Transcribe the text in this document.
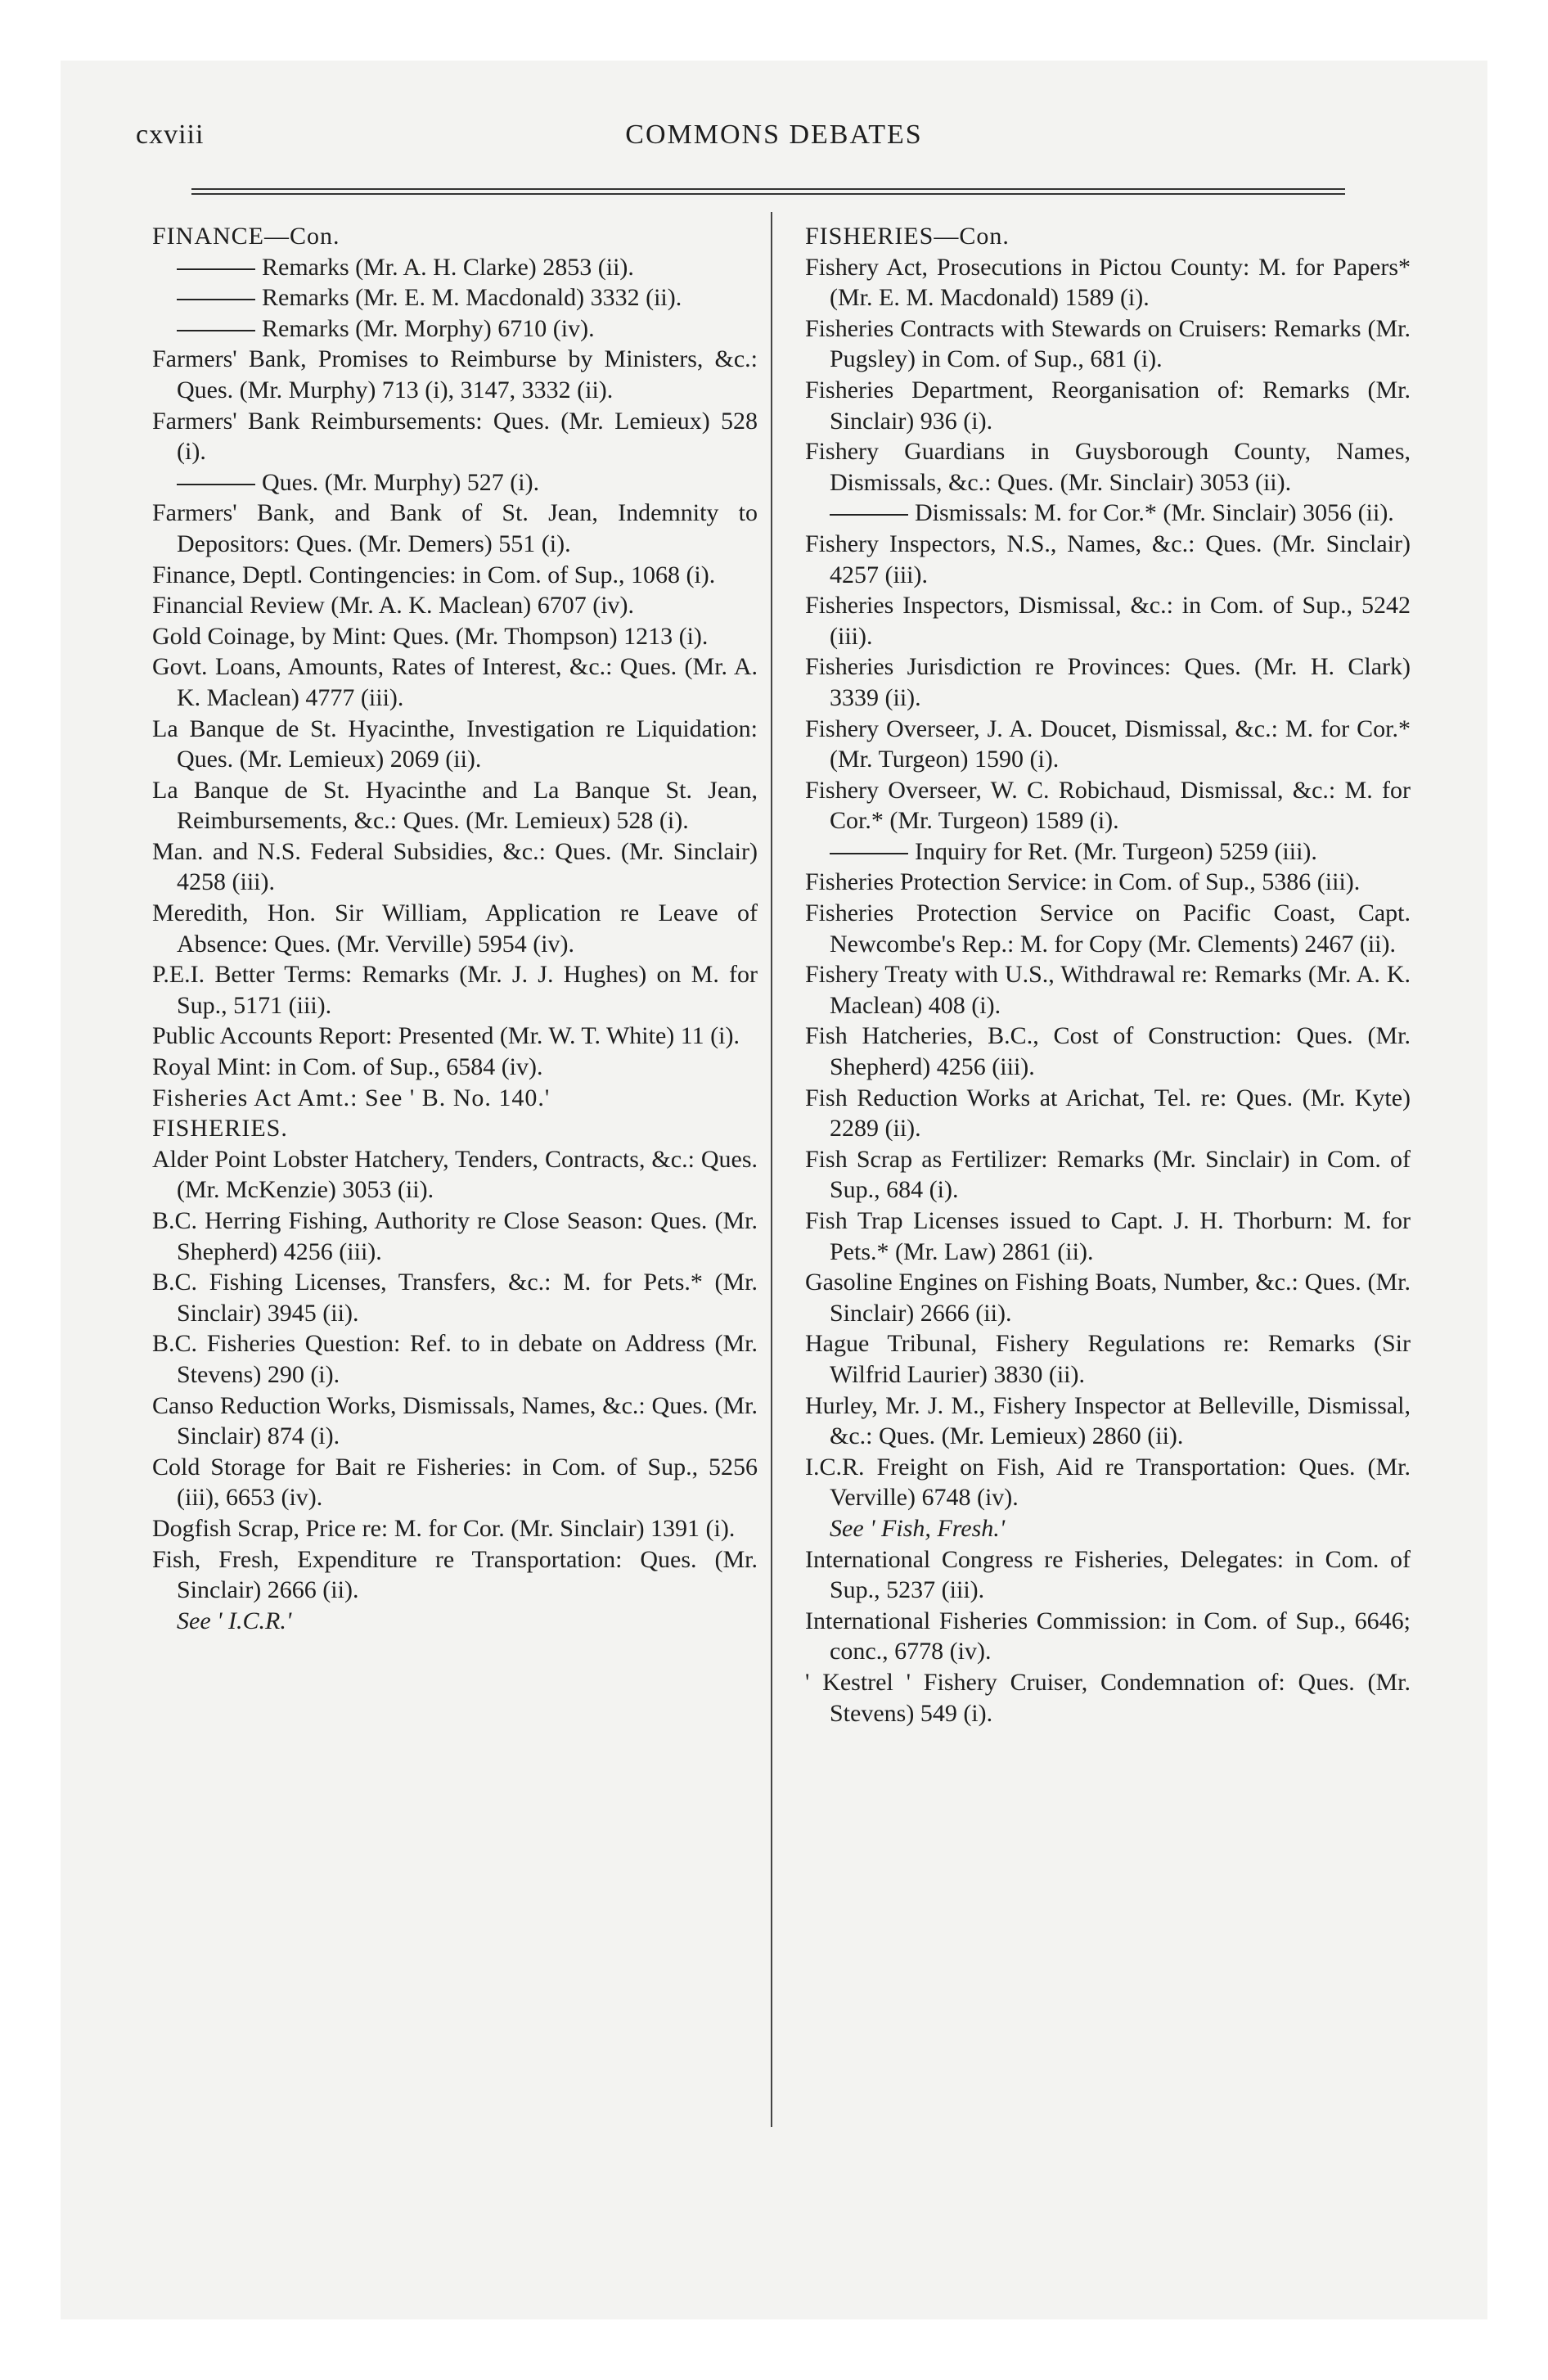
cxviii	COMMONS DEBATES
FINANCE—Con.
Remarks (Mr. A. H. Clarke) 2853 (ii).
Remarks (Mr. E. M. Macdonald) 3332 (ii).
Remarks (Mr. Morphy) 6710 (iv).
Farmers' Bank, Promises to Reimburse by Ministers, &c.: Ques. (Mr. Murphy) 713 (i), 3147, 3332 (ii).
Farmers' Bank Reimbursements: Ques. (Mr. Lemieux) 528 (i).
Ques. (Mr. Murphy) 527 (i).
Farmers' Bank, and Bank of St. Jean, Indemnity to Depositors: Ques. (Mr. Demers) 551 (i).
Finance, Deptl. Contingencies: in Com. of Sup., 1068 (i).
Financial Review (Mr. A. K. Maclean) 6707 (iv).
Gold Coinage, by Mint: Ques. (Mr. Thompson) 1213 (i).
Govt. Loans, Amounts, Rates of Interest, &c.: Ques. (Mr. A. K. Maclean) 4777 (iii).
La Banque de St. Hyacinthe, Investigation re Liquidation: Ques. (Mr. Lemieux) 2069 (ii).
La Banque de St. Hyacinthe and La Banque St. Jean, Reimbursements, &c.: Ques. (Mr. Lemieux) 528 (i).
Man. and N.S. Federal Subsidies, &c.: Ques. (Mr. Sinclair) 4258 (iii).
Meredith, Hon. Sir William, Application re Leave of Absence: Ques. (Mr. Verville) 5954 (iv).
P.E.I. Better Terms: Remarks (Mr. J. J. Hughes) on M. for Sup., 5171 (iii).
Public Accounts Report: Presented (Mr. W. T. White) 11 (i).
Royal Mint: in Com. of Sup., 6584 (iv).
Fisheries Act Amt.: See ' B. No. 140.'
FISHERIES.
Alder Point Lobster Hatchery, Tenders, Contracts, &c.: Ques. (Mr. McKenzie) 3053 (ii).
B.C. Herring Fishing, Authority re Close Season: Ques. (Mr. Shepherd) 4256 (iii).
B.C. Fishing Licenses, Transfers, &c.: M. for Pets.* (Mr. Sinclair) 3945 (ii).
B.C. Fisheries Question: Ref. to in debate on Address (Mr. Stevens) 290 (i).
Canso Reduction Works, Dismissals, Names, &c.: Ques. (Mr. Sinclair) 874 (i).
Cold Storage for Bait re Fisheries: in Com. of Sup., 5256 (iii), 6653 (iv).
Dogfish Scrap, Price re: M. for Cor. (Mr. Sinclair) 1391 (i).
Fish, Fresh, Expenditure re Transportation: Ques. (Mr. Sinclair) 2666 (ii).
See ' I.C.R.'
FISHERIES—Con.
Fishery Act, Prosecutions in Pictou County: M. for Papers* (Mr. E. M. Macdonald) 1589 (i).
Fisheries Contracts with Stewards on Cruisers: Remarks (Mr. Pugsley) in Com. of Sup., 681 (i).
Fisheries Department, Reorganisation of: Remarks (Mr. Sinclair) 936 (i).
Fishery Guardians in Guysborough County, Names, Dismissals, &c.: Ques. (Mr. Sinclair) 3053 (ii).
Dismissals: M. for Cor.* (Mr. Sinclair) 3056 (ii).
Fishery Inspectors, N.S., Names, &c.: Ques. (Mr. Sinclair) 4257 (iii).
Fisheries Inspectors, Dismissal, &c.: in Com. of Sup., 5242 (iii).
Fisheries Jurisdiction re Provinces: Ques. (Mr. H. Clark) 3339 (ii).
Fishery Overseer, J. A. Doucet, Dismissal, &c.: M. for Cor.* (Mr. Turgeon) 1590 (i).
Fishery Overseer, W. C. Robichaud, Dismissal, &c.: M. for Cor.* (Mr. Turgeon) 1589 (i).
Inquiry for Ret. (Mr. Turgeon) 5259 (iii).
Fisheries Protection Service: in Com. of Sup., 5386 (iii).
Fisheries Protection Service on Pacific Coast, Capt. Newcombe's Rep.: M. for Copy (Mr. Clements) 2467 (ii).
Fishery Treaty with U.S., Withdrawal re: Remarks (Mr. A. K. Maclean) 408 (i).
Fish Hatcheries, B.C., Cost of Construction: Ques. (Mr. Shepherd) 4256 (iii).
Fish Reduction Works at Arichat, Tel. re: Ques. (Mr. Kyte) 2289 (ii).
Fish Scrap as Fertilizer: Remarks (Mr. Sinclair) in Com. of Sup., 684 (i).
Fish Trap Licenses issued to Capt. J. H. Thorburn: M. for Pets.* (Mr. Law) 2861 (ii).
Gasoline Engines on Fishing Boats, Number, &c.: Ques. (Mr. Sinclair) 2666 (ii).
Hague Tribunal, Fishery Regulations re: Remarks (Sir Wilfrid Laurier) 3830 (ii).
Hurley, Mr. J. M., Fishery Inspector at Belleville, Dismissal, &c.: Ques. (Mr. Lemieux) 2860 (ii).
I.C.R. Freight on Fish, Aid re Transportation: Ques. (Mr. Verville) 6748 (iv).
See ' Fish, Fresh.'
International Congress re Fisheries, Delegates: in Com. of Sup., 5237 (iii).
International Fisheries Commission: in Com. of Sup., 6646; conc., 6778 (iv).
' Kestrel ' Fishery Cruiser, Condemnation of: Ques. (Mr. Stevens) 549 (i).
